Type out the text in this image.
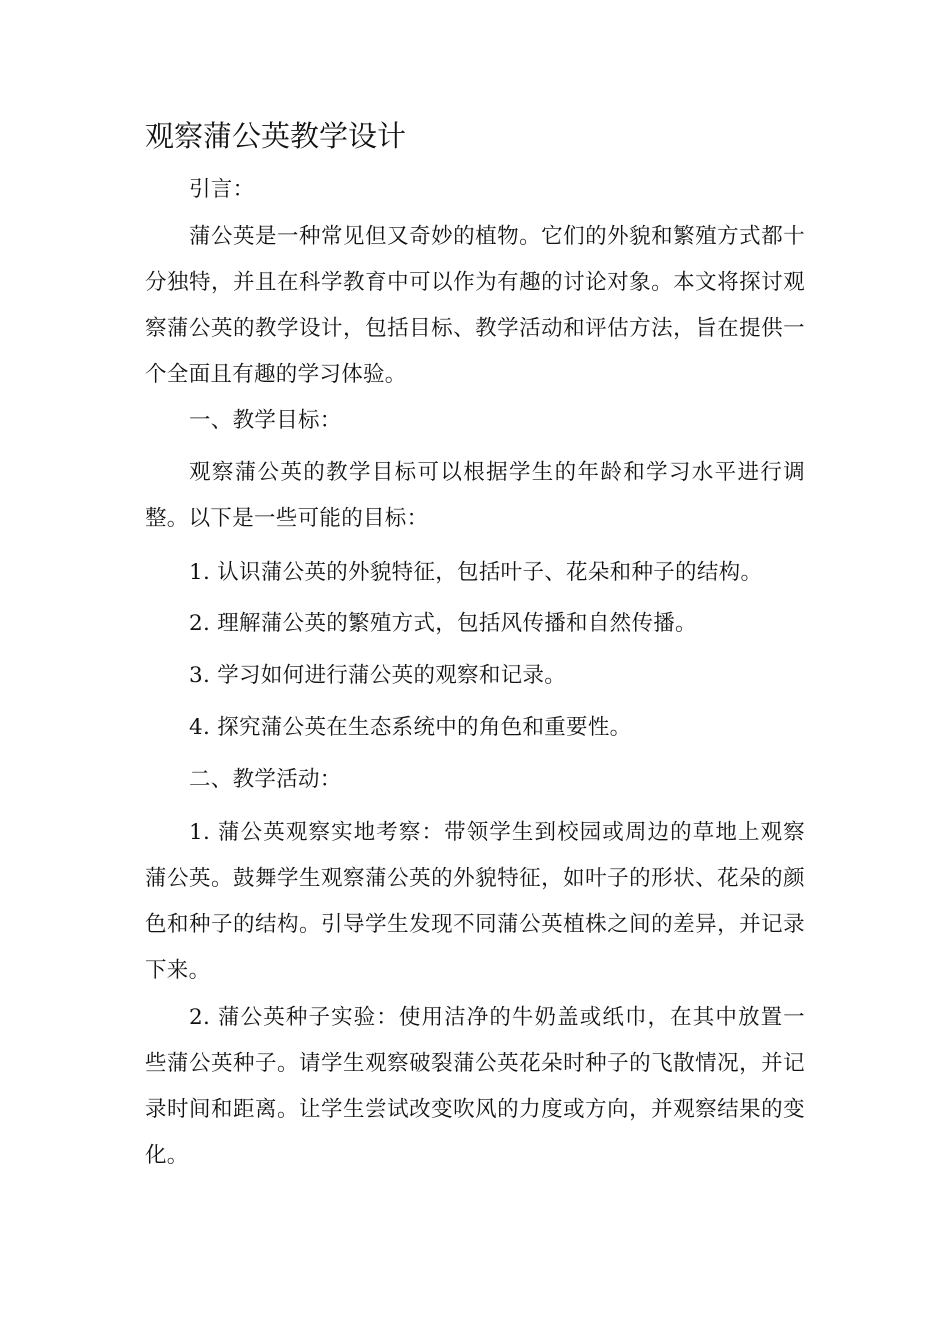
观察蒲公英教学设计

引言：

蒲公英是一种常见但又奇妙的植物。它们的外貌和繁殖方式都十分独特，并且在科学教育中可以作为有趣的讨论对象。本文将探讨观察蒲公英的教学设计，包括目标、教学活动和评估方法，旨在提供一个全面且有趣的学习体验。

一、教学目标：

观察蒲公英的教学目标可以根据学生的年龄和学习水平进行调整。以下是一些可能的目标：

1. 认识蒲公英的外貌特征，包括叶子、花朵和种子的结构。

2. 理解蒲公英的繁殖方式，包括风传播和自然传播。

3. 学习如何进行蒲公英的观察和记录。

4. 探究蒲公英在生态系统中的角色和重要性。

二、教学活动：

1. 蒲公英观察实地考察：带领学生到校园或周边的草地上观察蒲公英。鼓舞学生观察蒲公英的外貌特征，如叶子的形状、花朵的颜色和种子的结构。引导学生发现不同蒲公英植株之间的差异，并记录下来。

2. 蒲公英种子实验：使用洁净的牛奶盖或纸巾，在其中放置一些蒲公英种子。请学生观察破裂蒲公英花朵时种子的飞散情况，并记录时间和距离。让学生尝试改变吹风的力度或方向，并观察结果的变化。
